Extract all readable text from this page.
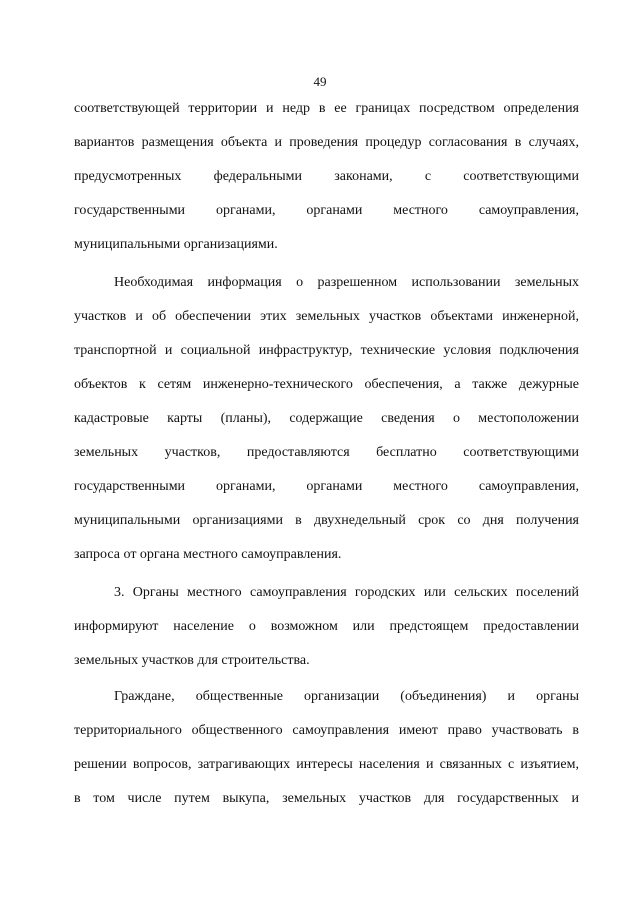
49
соответствующей территории и недр в ее границах посредством определения
вариантов размещения объекта и проведения процедур согласования в случаях,
предусмотренных федеральными законами, с соответствующими
государственными органами, органами местного самоуправления,
муниципальными организациями.
Необходимая информация о разрешенном использовании земельных
участков и об обеспечении этих земельных участков объектами инженерной,
транспортной и социальной инфраструктур, технические условия подключения
объектов к сетям инженерно-технического обеспечения, а также дежурные
кадастровые карты (планы), содержащие сведения о местоположении
земельных участков, предоставляются бесплатно соответствующими
государственными органами, органами местного самоуправления,
муниципальными организациями в двухнедельный срок со дня получения
запроса от органа местного самоуправления.
3. Органы местного самоуправления городских или сельских поселений
информируют население о возможном или предстоящем предоставлении
земельных участков для строительства.
Граждане, общественные организации (объединения) и органы
территориального общественного самоуправления имеют право участвовать в
решении вопросов, затрагивающих интересы населения и связанных с изъятием,
в том числе путем выкупа, земельных участков для государственных и
